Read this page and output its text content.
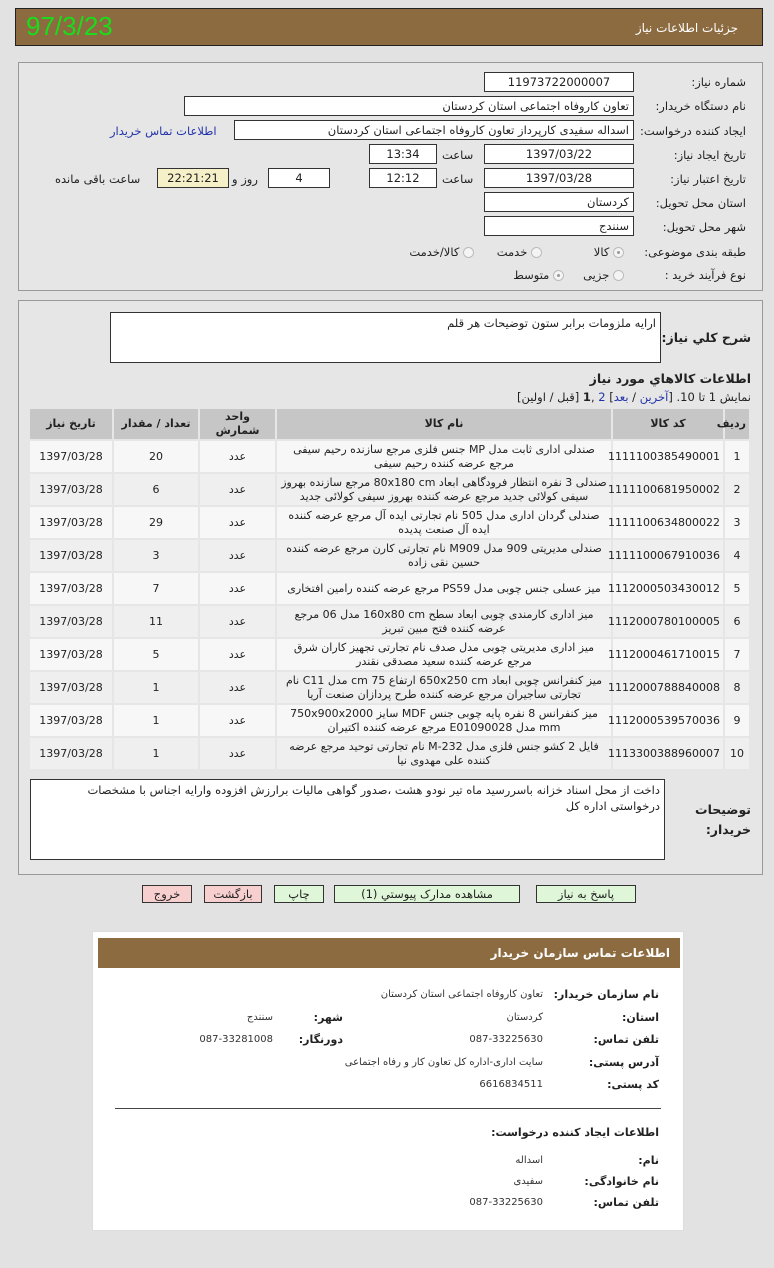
جزئیات اطلاعات نیاز
97/3/23
شماره نیاز:
1197372200000​7
نام دستگاه خریدار:
تعاون کاروفاه اجتماعی استان کردستان
ایجاد کننده درخواست:
اسداله سفیدی کارپرداز تعاون کاروفاه اجتماعی استان کردستان
اطلاعات تماس خریدار
تاریخ ایجاد نیاز:
1397/03/22
ساعت
13:34
تاریخ اعتبار نیاز:
1397/03/28
ساعت
12:12
4
روز و
22:21:21
ساعت باقی مانده
استان محل تحویل:
کردستان
شهر محل تحویل:
سنندج
طبقه بندی موضوعی:
کالا
خدمت
کالا/خدمت
نوع فرآیند خرید :
جزیی
متوسط
شرح کلي نياز:
ارایه ملزومات برابر ستون توضیحات هر قلم
اطلاعات كالاهاي مورد نياز
نمایش 1 تا 10. [آخرین / بعد] 2 ,1 [قبل / اولین]
ردیف	کد کالا	نام کالا	واحد شمارش	تعداد / مقدار	تاریخ نیاز
1	1111100385490001	صندلی اداری ثابت مدل MP جنس فلزی مرجع سازنده رحیم سیفی مرجع عرضه کننده رحیم سیفی	عدد	20	1397/03/28
2	1111100681950002	صندلی 3 نفره انتظار فرودگاهی ابعاد 80x180 cm مرجع سازنده بهروز سیفی کولائی جدید مرجع عرضه کننده بهروز سیفی کولائی جدید	عدد	6	1397/03/28
3	1111100634800022	صندلی گردان اداری مدل 505 نام تجارتی ایده آل مرجع عرضه کننده ایده آل صنعت پدیده	عدد	29	1397/03/28
4	1111100067910036	صندلی مدیریتی 909 مدل M909 نام تجارتی کارن مرجع عرضه کننده حسین نقی زاده	عدد	3	1397/03/28
5	1112000503430012	میز عسلی جنس چوبی مدل PS59 مرجع عرضه کننده رامین افتخاری	عدد	7	1397/03/28
6	1112000780100005	میز اداری کارمندی چوبی ابعاد سطح 160x80 cm مدل 06 مرجع عرضه کننده فتح مبین تبریز	عدد	11	1397/03/28
7	1112000461710015	میز اداری مدیریتی چوبی مدل صدف نام تجارتی تجهیز کاران شرق مرجع عرضه کننده سعید مصدقی نقندر	عدد	5	1397/03/28
8	1112000788840008	میز کنفرانس چوبی ابعاد 650x250 cm ارتفاع 75 cm مدل C11 نام تجارتی ساجیران مرجع عرضه کننده طرح پردازان صنعت آریا	عدد	1	1397/03/28
9	1112000539570036	میز کنفرانس 8 نفره پایه چوبی جنس MDF سایز 750x900x2000 mm مدل E01090028 مرجع عرضه کننده اکتیران	عدد	1	1397/03/28
10	1113300388960007	فایل 2 کشو جنس فلزی مدل M-232 نام تجارتی توحید مرجع عرضه کننده علی مهدوی نیا	عدد	1	1397/03/28
توضیحات خریدار:
داخت از محل اسناد خزانه باسررسید ماه تیر نودو هشت ،صدور گواهی مالیات برارزش افزوده وارایه اجناس با مشخصات درخواستی اداره کل
پاسخ به نیاز
مشاهده مدارک پیوستي (1)
چاپ
بازگشت
خروج
اطلاعات تماس سازمان خریدار
نام سازمان خریدار:
تعاون کاروفاه اجتماعی استان کردستان
استان:
کردستان
شهر:
سنندج
تلفن تماس:
087-33225630
دورنگار:
087-33281008
آدرس پستی:
سایت اداری-اداره کل تعاون کار و رفاه اجتماعی
کد پستی:
6616834511
اطلاعات ایجاد کننده درخواست:
نام:
اسداله
نام خانوادگی:
سفیدی
تلفن تماس:
087-33225630
